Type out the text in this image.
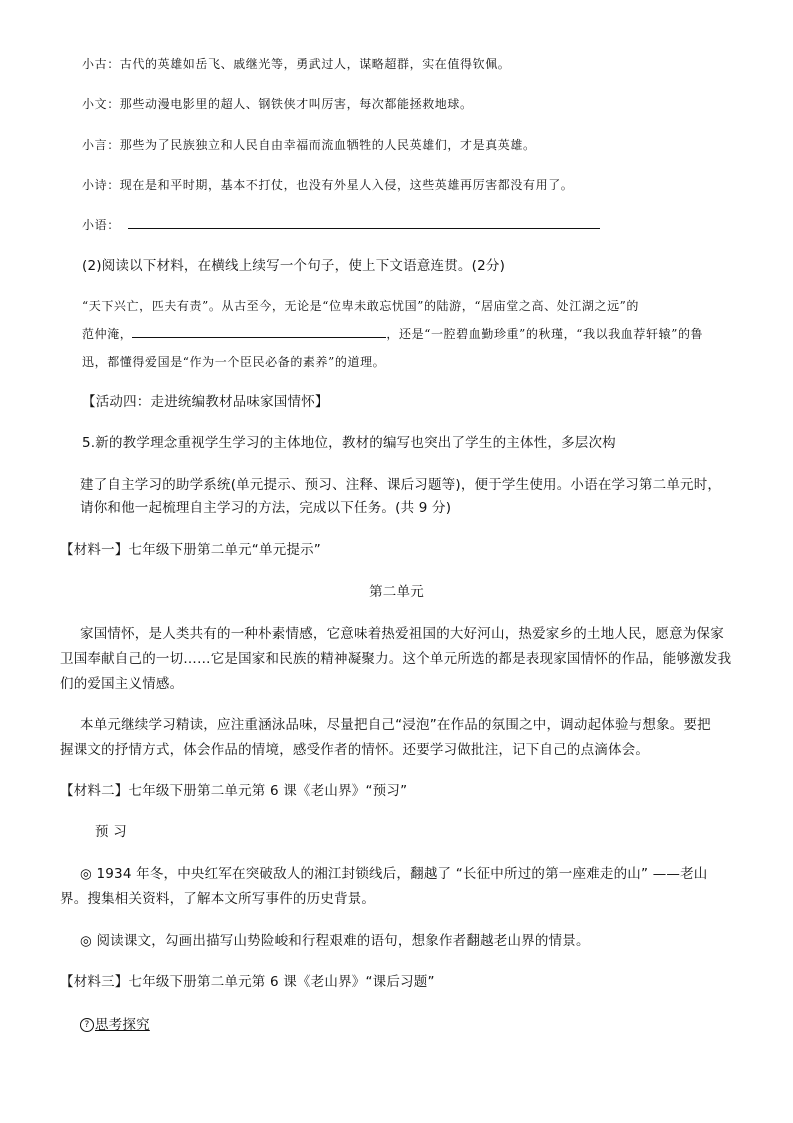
小古：古代的英雄如岳飞、戚继光等，勇武过人，谋略超群，实在值得钦佩。
小文：那些动漫电影里的超人、钢铁侠才叫厉害，每次都能拯救地球。
小言：那些为了民族独立和人民自由幸福而流血牺牲的人民英雄们，才是真英雄。
小诗：现在是和平时期，基本不打仗，也没有外星人入侵，这些英雄再厉害都没有用了。
小语：
(2)阅读以下材料，在横线上续写一个句子，使上下文语意连贯。(2分)
“天下兴亡，匹夫有责”。从古至今，无论是“位卑未敢忘忧国”的陆游，“居庙堂之高、处江湖之远”的
范仲淹，	，还是“一腔碧血勤珍重”的秋瑾，“我以我血荐轩辕”的鲁
迅，都懂得爱国是“作为一个臣民必备的素养”的道理。
【活动四：走进统编教材品味家国情怀】
5.新的教学理念重视学生学习的主体地位，教材的编写也突出了学生的主体性，多层次构
建了自主学习的助学系统(单元提示、预习、注释、课后习题等)，便于学生使用。小语在学习第二单元时，
请你和他一起梳理自主学习的方法，完成以下任务。(共 9 分)
【材料一】七年级下册第二单元“单元提示”
第二单元
家国情怀，是人类共有的一种朴素情感，它意味着热爱祖国的大好河山，热爱家乡的土地人民，愿意为保家
卫国奉献自己的一切……它是国家和民族的精神凝聚力。这个单元所选的都是表现家国情怀的作品，能够激发我
们的爱国主义情感。
本单元继续学习精读，应注重涵泳品味，尽量把自己“浸泡”在作品的氛围之中，调动起体验与想象。要把
握课文的抒情方式，体会作品的情境，感受作者的情怀。还要学习做批注，记下自己的点滴体会。
【材料二】七年级下册第二单元第 6 课《老山界》“预习”
预 习
◎ 1934 年冬，中央红军在突破敌人的湘江封锁线后，翻越了 “长征中所过的第一座难走的山” ——老山
界。搜集相关资料，了解本文所写事件的历史背景。
◎ 阅读课文，勾画出描写山势险峻和行程艰难的语句，想象作者翻越老山界的情景。
【材料三】七年级下册第二单元第 6 课《老山界》“课后习题”
? 思考探究
